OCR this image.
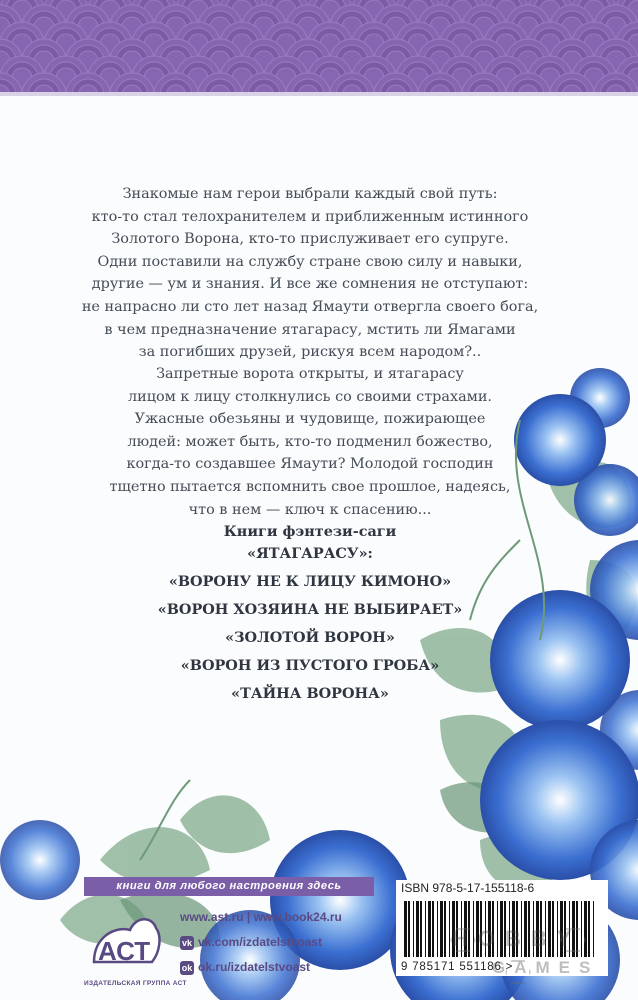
Знакомые нам герои выбрали каждый свой путь:

кто-то стал телохранителем и приближенным истинного

Золотого Ворона, кто-то прислуживает его супруге.

Одни поставили на службу стране свою силу и навыки,

другие — ум и знания. И все же сомнения не отступают:

не напрасно ли сто лет назад Ямаути отвергла своего бога,

в чем предназначение ятагарасу, мстить ли Ямагами

за погибших друзей, рискуя всем народом?..

Запретные ворота открыты, и ятагарасу

лицом к лицу столкнулись со своими страхами.

Ужасные обезьяны и чудовище, пожирающее

людей: может быть, кто-то подменил божество,

когда-то создавшее Ямаути? Молодой господин

тщетно пытается вспомнить свое прошлое, надеясь,

что в нем — ключ к спасению...

Книги фэнтези-саги
«ЯТАГАРАСУ»:
«ВОРОНУ НЕ К ЛИЦУ КИМОНО»
«ВОРОН ХОЗЯИНА НЕ ВЫБИРАЕТ»
«ЗОЛОТОЙ ВОРОН»
«ВОРОН ИЗ ПУСТОГО ГРОБА»
«ТАЙНА ВОРОНА»
книги для любого настроения здесь
АСТ
ИЗДАТЕЛЬСКАЯ ГРУППА АСТ
www.ast.ru | www.book24.ru
vk vk.com/izdatelstvoast
ok ok.ru/izdatelstvoast
ISBN 978-5-17-155118-6
9 785171 551186 >
HOBBY
GAMES
